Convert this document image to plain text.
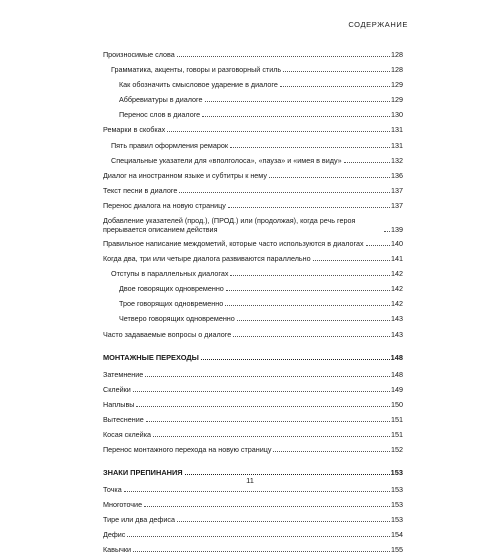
СОДЕРЖАНИЕ
Произносимые слова	128
Грамматика, акценты, говоры и разговорный стиль	128
Как обозначить смысловое ударение в диалоге	129
Аббревиатуры в диалоге	129
Перенос слов в диалоге	130
Ремарки в скобках	131
Пять правил оформления ремарок	131
Специальные указатели для «вполголоса», «пауза» и «имея в виду»	132
Диалог на иностранном языке и субтитры к нему	136
Текст песни в диалоге	137
Перенос диалога на новую страницу	137
Добавление указателей (прод.), (ПРОД.) или (продолжая), когда речь героя прерывается описанием действия	139
Правильное написание междометий, которые часто используются в диалогах	140
Когда два, три или четыре диалога развиваются параллельно	141
Отступы в параллельных диалогах	142
Двое говорящих одновременно	142
Трое говорящих одновременно	142
Четверо говорящих одновременно	143
Часто задаваемые вопросы о диалоге	143
МОНТАЖНЫЕ ПЕРЕХОДЫ	148
Затемнение	148
Склейки	149
Наплывы	150
Вытеснение	151
Косая склейка	151
Перенос монтажного перехода на новую страницу	152
ЗНАКИ ПРЕПИНАНИЯ	153
Точка	153
Многоточие	153
Тире или два дефиса	153
Дефис	154
Кавычки	155
11
